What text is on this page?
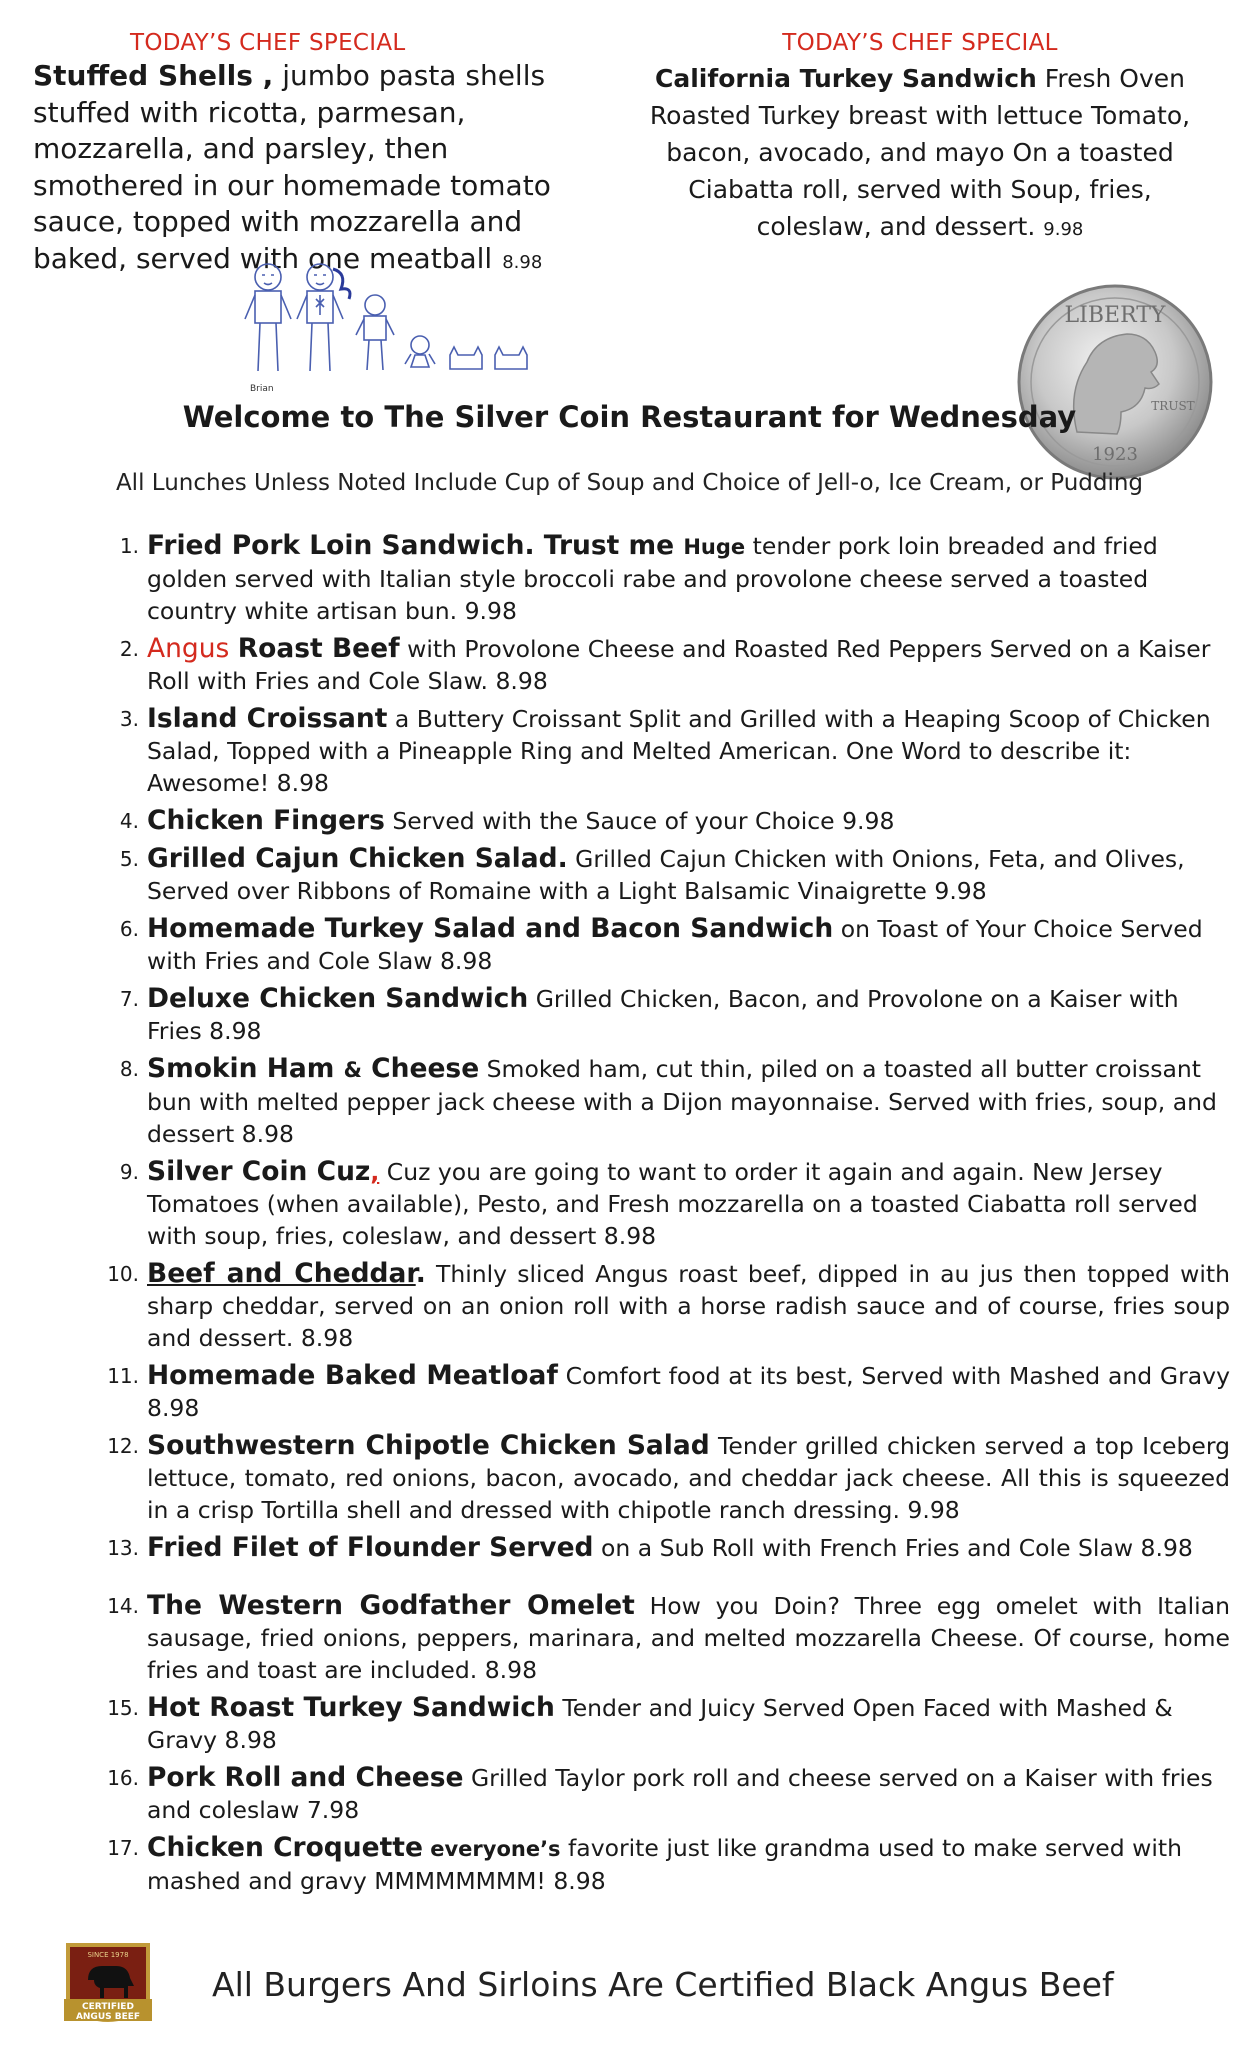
TODAY’S CHEF SPECIAL
Stuffed Shells , jumbo pasta shells stuffed with ricotta, parmesan, mozzarella, and parsley, then smothered in our homemade tomato sauce, topped with mozzarella and baked, served with one meatball 8.98
TODAY’S CHEF SPECIAL
California Turkey Sandwich Fresh Oven Roasted Turkey breast with lettuce Tomato, bacon, avocado, and mayo On a toasted Ciabatta roll, served with Soup, fries, coleslaw, and dessert. 9.98
Brian
LIBERTY
TRUST
1923
Welcome to The Silver Coin Restaurant for Wednesday
All Lunches Unless Noted Include Cup of Soup and Choice of Jell-o, Ice Cream, or Pudding
1. Fried Pork Loin Sandwich. Trust me Huge tender pork loin breaded and fried golden served with Italian style broccoli rabe and provolone cheese served a toasted country white artisan bun. 9.98
2. Angus Roast Beef with Provolone Cheese and Roasted Red Peppers Served on a Kaiser Roll with Fries and Cole Slaw. 8.98
3. Island Croissant a Buttery Croissant Split and Grilled with a Heaping Scoop of Chicken Salad, Topped with a Pineapple Ring and Melted American. One Word to describe it: Awesome! 8.98
4. Chicken Fingers Served with the Sauce of your Choice 9.98
5. Grilled Cajun Chicken Salad. Grilled Cajun Chicken with Onions, Feta, and Olives, Served over Ribbons of Romaine with a Light Balsamic Vinaigrette 9.98
6. Homemade Turkey Salad and Bacon Sandwich on Toast of Your Choice Served with Fries and Cole Slaw 8.98
7. Deluxe Chicken Sandwich Grilled Chicken, Bacon, and Provolone on a Kaiser with Fries 8.98
8. Smokin Ham & Cheese Smoked ham, cut thin, piled on a toasted all butter croissant bun with melted pepper jack cheese with a Dijon mayonnaise. Served with fries, soup, and dessert 8.98
9. Silver Coin Cuz, Cuz you are going to want to order it again and again. New Jersey Tomatoes (when available), Pesto, and Fresh mozzarella on a toasted Ciabatta roll served with soup, fries, coleslaw, and dessert 8.98
10. Beef and Cheddar. Thinly sliced Angus roast beef, dipped in au jus then topped with sharp cheddar, served on an onion roll with a horse radish sauce and of course, fries soup and dessert. 8.98
11. Homemade Baked Meatloaf Comfort food at its best, Served with Mashed and Gravy 8.98
12. Southwestern Chipotle Chicken Salad Tender grilled chicken served a top Iceberg lettuce, tomato, red onions, bacon, avocado, and cheddar jack cheese. All this is squeezed in a crisp Tortilla shell and dressed with chipotle ranch dressing. 9.98
13. Fried Filet of Flounder Served on a Sub Roll with French Fries and Cole Slaw 8.98
14. The Western Godfather Omelet How you Doin? Three egg omelet with Italian sausage, fried onions, peppers, marinara, and melted mozzarella Cheese. Of course, home fries and toast are included. 8.98
15. Hot Roast Turkey Sandwich Tender and Juicy Served Open Faced with Mashed & Gravy 8.98
16. Pork Roll and Cheese Grilled Taylor pork roll and cheese served on a Kaiser with fries and coleslaw 7.98
17. Chicken Croquette everyone’s favorite just like grandma used to make served with mashed and gravy MMMMMMMM! 8.98
SINCE 1978
CERTIFIED
ANGUS BEEF
All Burgers And Sirloins Are Certified Black Angus Beef
